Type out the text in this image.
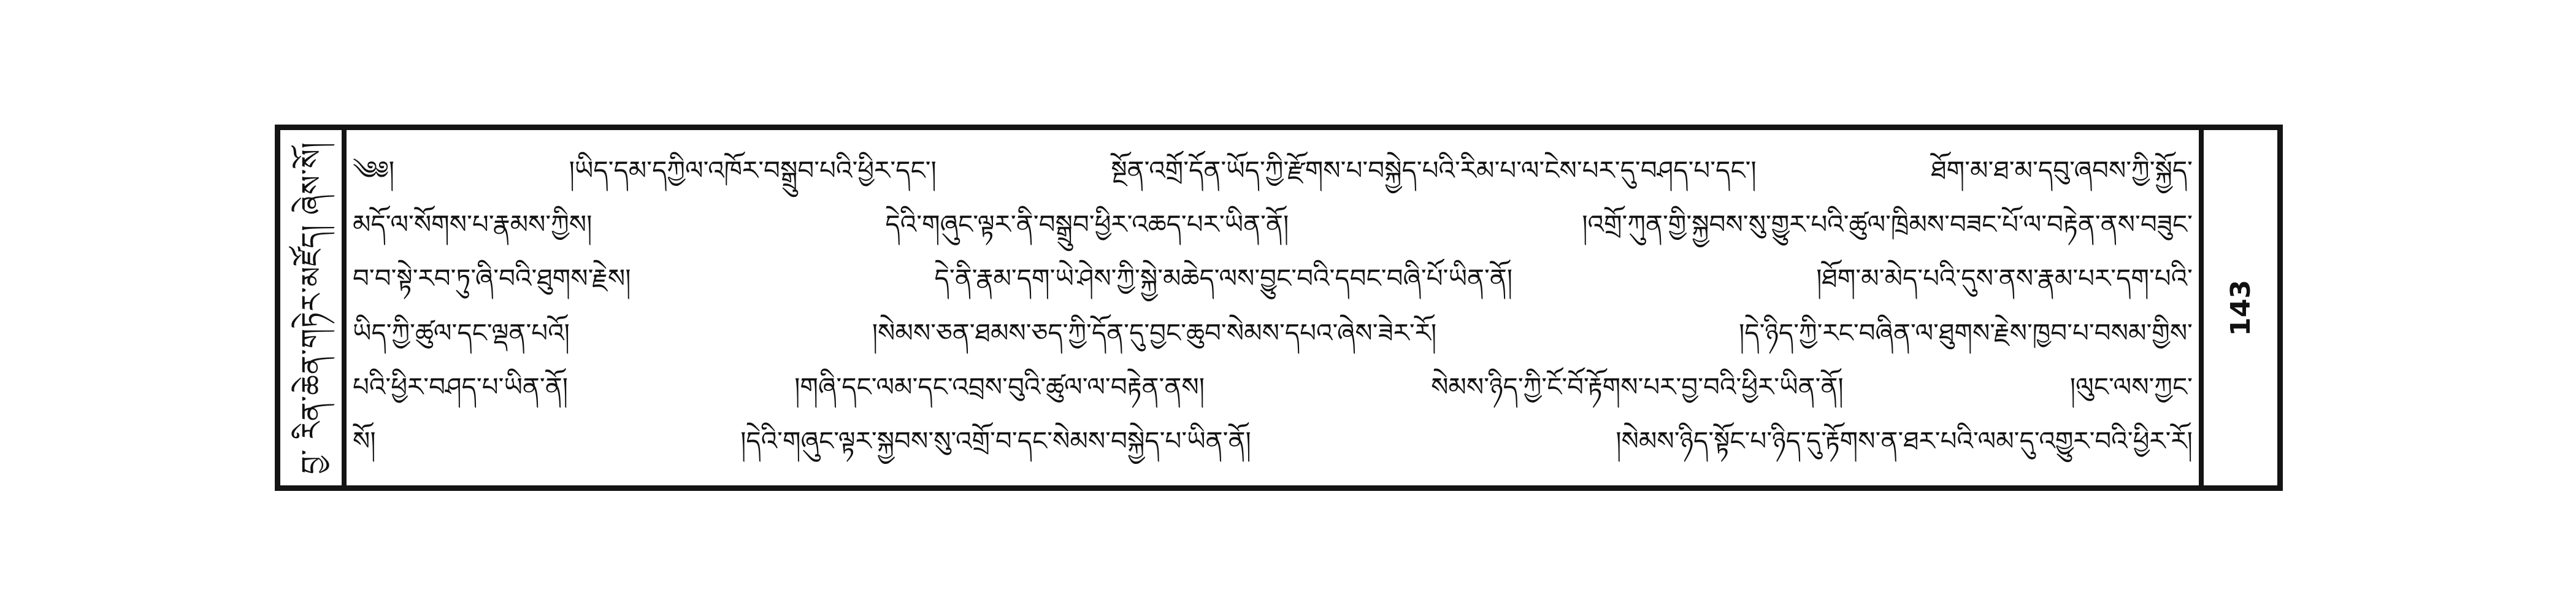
བྱ་ རིན་ཆེན་གཏེར་མཛོད། ཞེས་སོ། ༄༅། །ཡིད་དམ་དཀྱིལ་འཁོར་བསྒྲུབ་པའི་ཕྱིར་དང་། སྔོན་འགྲོ་དོན་ཡོད་ཀྱི་རྫོགས་པ་བསྐྱེད་པའི་རིམ་པ་ལ་ངེས་པར་དུ་བཤད་པ་དང་། ཐོག་མ་ཐ་མ་དབུ་ཞབས་ཀྱི་སྐྱོད་
མདོ་ལ་སོགས་པ་རྣམས་ཀྱིས། དེའི་གཞུང་ལྟར་ནི་བསྒྲུབ་ཕྱིར་འཆད་པར་ཡིན་ནོ། །འགྲོ་ཀུན་གྱི་སྐྱབས་སུ་གྱུར་པའི་ཚུལ་ཁྲིམས་བཟང་པོ་ལ་བརྟེན་ནས་བཟུང་
བ་བ་སྟེ་རབ་ཏུ་ཞི་བའི་ཐུགས་རྗེས། དེ་ནི་རྣམ་དག་ཡེ་ཤེས་ཀྱི་སྐྱེ་མཆེད་ལས་བྱུང་བའི་དབང་བཞི་པོ་ཡིན་ནོ། །ཐོག་མ་མེད་པའི་དུས་ནས་རྣམ་པར་དག་པའི་
ཡིད་ཀྱི་ཚུལ་དང་ལྡན་པའོ། །སེམས་ཅན་ཐམས་ཅད་ཀྱི་དོན་དུ་བྱང་ཆུབ་སེམས་དཔའ་ཞེས་ཟེར་རོ། །དེ་ཉིད་ཀྱི་རང་བཞིན་ལ་ཐུགས་རྗེས་ཁྱབ་པ་བསམ་གྱིས་
པའི་ཕྱིར་བཤད་པ་ཡིན་ནོ། །གཞི་དང་ལམ་དང་འབྲས་བུའི་ཚུལ་ལ་བརྟེན་ནས། སེམས་ཉིད་ཀྱི་ངོ་བོ་རྟོགས་པར་བྱ་བའི་ཕྱིར་ཡིན་ནོ། །ལུང་ལས་ཀྱང་
སོ། །དེའི་གཞུང་ལྟར་སྐྱབས་སུ་འགྲོ་བ་དང་སེམས་བསྐྱེད་པ་ཡིན་ནོ། །སེམས་ཉིད་སྟོང་པ་ཉིད་དུ་རྟོགས་ན་ཐར་པའི་ལམ་དུ་འགྱུར་བའི་ཕྱིར་རོ།
143
